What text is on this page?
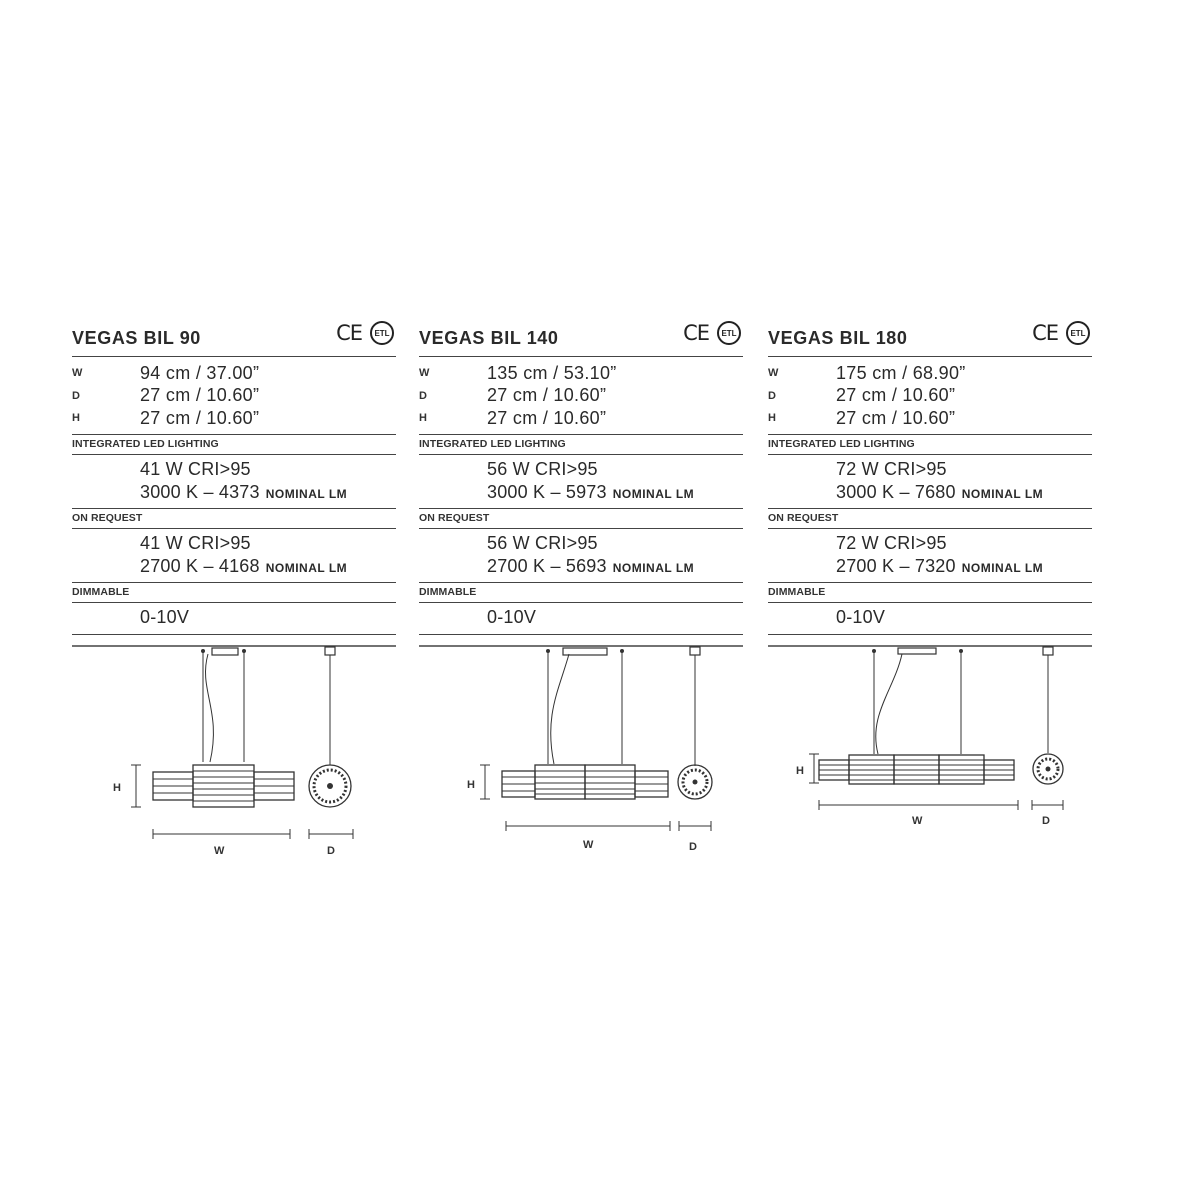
VEGAS BIL 90	CE	ETL
W	94 cm / 37.00”
D	27 cm / 10.60”
H	27 cm / 10.60”
INTEGRATED LED LIGHTING
41 W CRI>95
3000 K – 4373 NOMINAL LM
ON REQUEST
41 W CRI>95
2700 K – 4168 NOMINAL LM
DIMMABLE
0-10V
VEGAS BIL 140	CE	ETL
W	135 cm / 53.10”
D	27 cm / 10.60”
H	27 cm / 10.60”
INTEGRATED LED LIGHTING
56 W CRI>95
3000 K – 5973 NOMINAL LM
ON REQUEST
56 W CRI>95
2700 K – 5693 NOMINAL LM
DIMMABLE
0-10V
VEGAS BIL 180	CE	ETL
W	175 cm / 68.90”
D	27 cm / 10.60”
H	27 cm / 10.60”
INTEGRATED LED LIGHTING
72 W CRI>95
3000 K – 7680 NOMINAL LM
ON REQUEST
72 W CRI>95
2700 K – 7320 NOMINAL LM
DIMMABLE
0-10V
H
W	D
H
W	D
H
W	D
